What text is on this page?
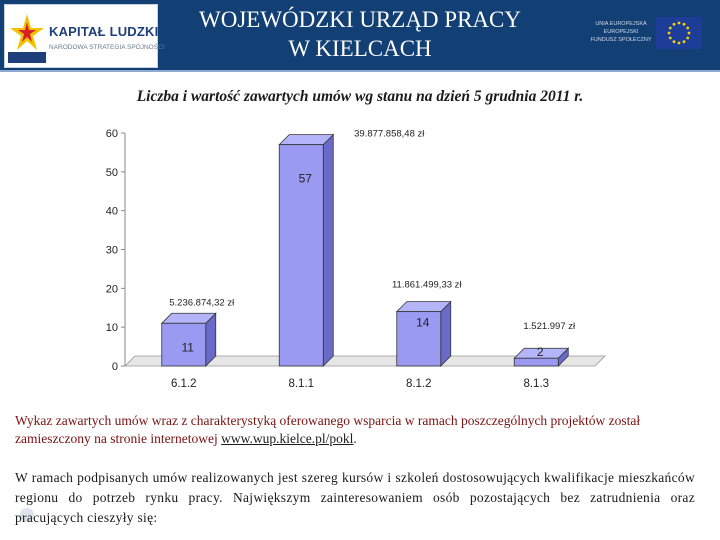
KAPITAŁ LUDZKI
NARODOWA STRATEGIA SPÓJNOŚCI
WOJEWÓDZKI URZĄD PRACY
W KIELCACH
UNIA EUROPEJSKA
EUROPEJSKI
FUNDUSZ SPOŁECZNY
Liczba i wartość zawartych umów wg stanu na dzień 5 grudnia 2011 r.
0
10
20
30
40
50
60
11
5.236.874,32 zł
6.1.2
57
39.877.858,48 zł
8.1.1
14
11.861.499,33 zł
8.1.2
2
1.521.997 zł
8.1.3
Wykaz zawartych umów wraz z charakterystyką oferowanego wsparcia w ramach poszczególnych projektów został zamieszczony na stronie internetowej www.wup.kielce.pl/pokl.
W ramach podpisanych umów realizowanych jest szereg kursów i szkoleń dostosowujących kwalifikacje mieszkańców regionu do potrzeb rynku pracy. Największym zainteresowaniem osób pozostających bez zatrudnienia oraz pracujących cieszyły się:
